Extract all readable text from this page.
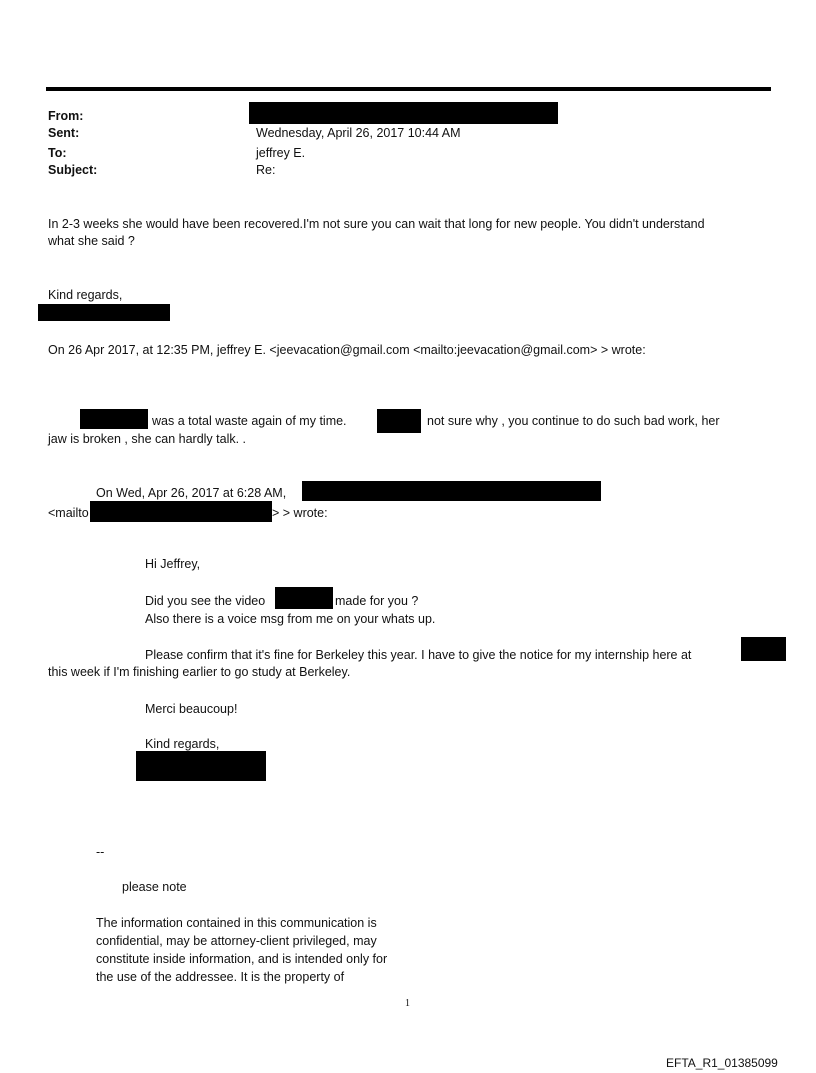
From:
Sent:	Wednesday, April 26, 2017 10:44 AM
To:	jeffrey E.
Subject:	Re:
In 2-3 weeks she would have been recovered.I'm not sure you can wait that long for new people. You didn't understand
what she said ?
Kind regards,
On 26 Apr 2017, at 12:35 PM, jeffrey E. <jeevacation@gmail.com <mailto:jeevacation@gmail.com> > wrote:
was a total waste again of my time.	not sure why , you continue to do such bad work, her
jaw is broken , she can hardly talk. .
On Wed, Apr 26, 2017 at 6:28 AM,
<mailto	> > wrote:
Hi Jeffrey,
Did you see the video	made for you ?
Also there is a voice msg from me on your whats up.
Please confirm that it's fine for Berkeley this year. I have to give the notice for my internship here at
this week if I'm finishing earlier to go study at Berkeley.
Merci beaucoup!
Kind regards,
--
please note
The information contained in this communication is
confidential, may be attorney-client privileged, may
constitute inside information, and is intended only for
the use of the addressee. It is the property of
1
EFTA_R1_01385099
